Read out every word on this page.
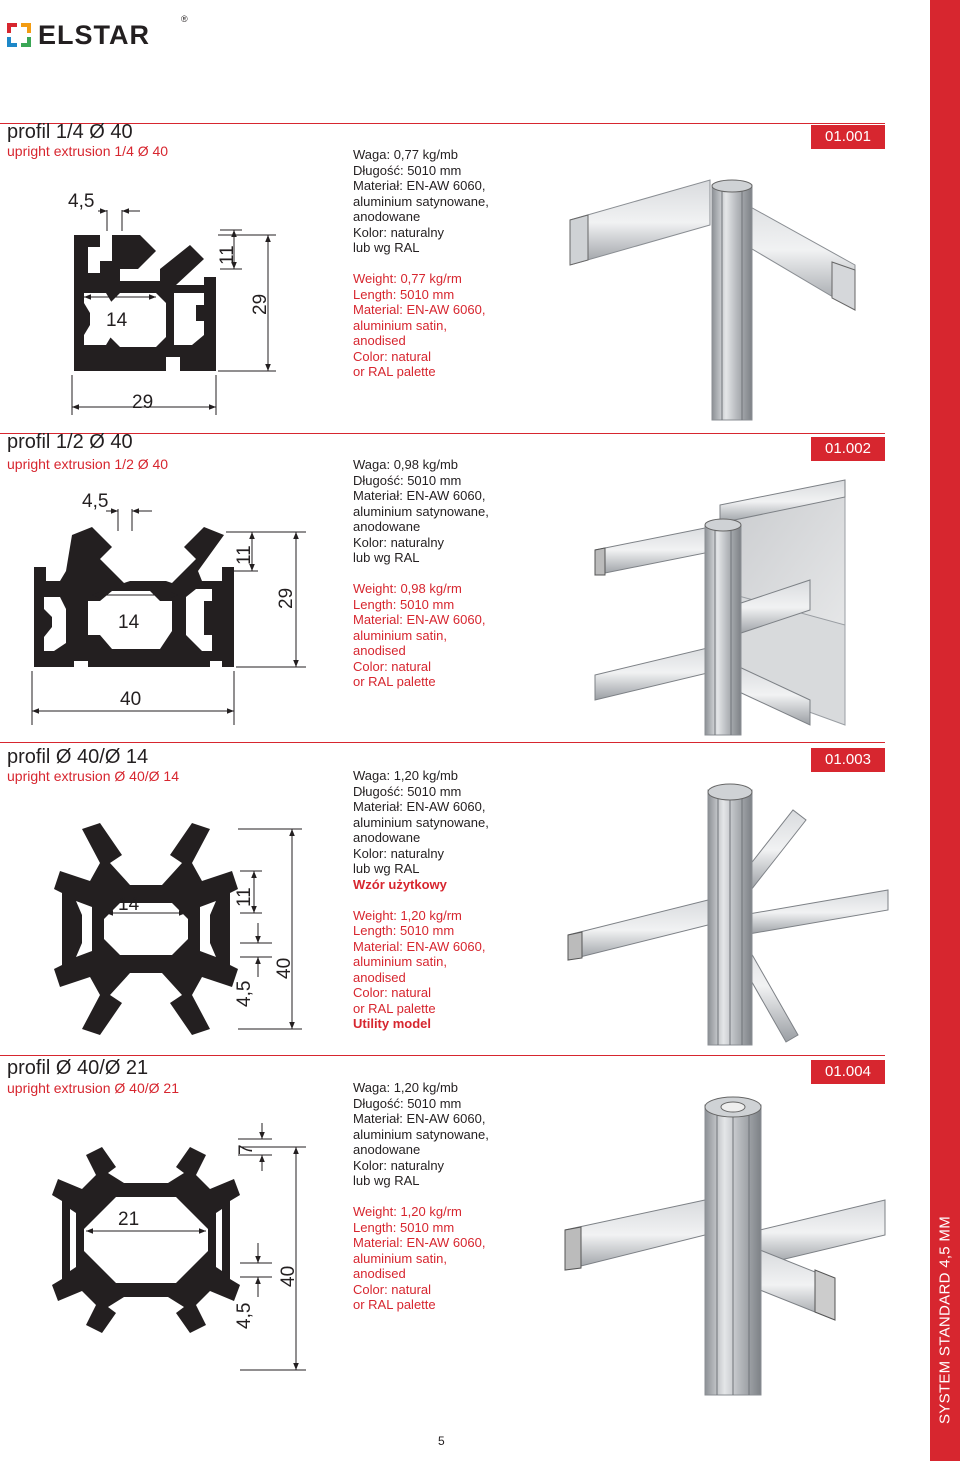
ELSTAR
®
SYSTEM STANDARD 4,5 MM
profil 1/4 Ø 40
upright extrusion 1/4 Ø 40
01.001
4,5
14
11
29
29
Waga: 0,77 kg/mb
Długość: 5010 mm
Materiał: EN-AW 6060,
aluminium satynowane,
anodowane
Kolor: naturalny
lub wg RAL
Weight: 0,77 kg/rm
Length: 5010 mm
Material: EN-AW 6060,
aluminium satin,
anodised
Color: natural
or RAL palette
profil 1/2 Ø 40
upright extrusion 1/2 Ø 40
01.002
4,5
14
11
29
40
Waga: 0,98 kg/mb
Długość: 5010 mm
Materiał: EN-AW 6060,
aluminium satynowane,
anodowane
Kolor: naturalny
lub wg RAL
Weight: 0,98 kg/rm
Length: 5010 mm
Material: EN-AW 6060,
aluminium satin,
anodised
Color: natural
or RAL palette
profil Ø 40/Ø 14
upright extrusion Ø 40/Ø 14
01.003
14	11
4,5
40
Waga: 1,20 kg/mb
Długość: 5010 mm
Materiał: EN-AW 6060,
aluminium satynowane,
anodowane
Kolor: naturalny
lub wg RAL
Wzór użytkowy
Weight: 1,20 kg/rm
Length: 5010 mm
Material: EN-AW 6060,
aluminium satin,
anodised
Color: natural
or RAL palette
Utility model
profil Ø 40/Ø 21
upright extrusion Ø 40/Ø 21
01.004
21
7
4,5
40
Waga: 1,20 kg/mb
Długość: 5010 mm
Materiał: EN-AW 6060,
aluminium satynowane,
anodowane
Kolor: naturalny
lub wg RAL
Weight: 1,20 kg/rm
Length: 5010 mm
Material: EN-AW 6060,
aluminium satin,
anodised
Color: natural
or RAL palette
5
